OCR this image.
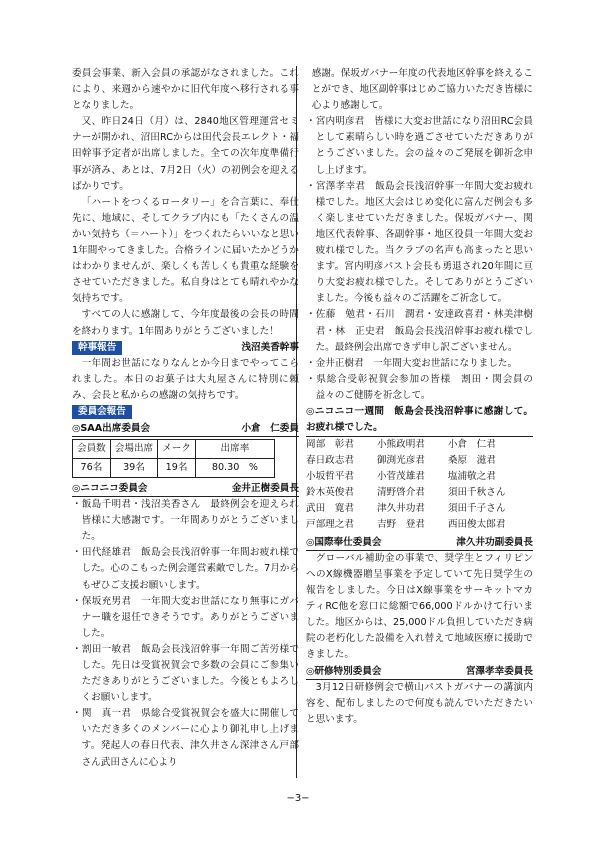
委員会事業、新入会員の承認がなされました。これにより、来週から速やかに旧代年度へ移行される事となりました。

又、昨日24日（月）は、2840地区管理運営セミナーが開かれ、沼田RCからは田代会長エレクト・福田幹事予定者が出席しました。全ての次年度準備行事が済み、あとは、7月2日（火）の初例会を迎えるばかりです。

「ハートをつくるロータリー」を合言葉に、奉仕先に、地域に、そしてクラブ内にも「たくさんの温かい気持ち（＝ハート）」をつくれたらいいなと思い1年間やってきました。合格ラインに届いたかどうかはわかりませんが、楽しくも苦しくも貴重な経験をさせていただきました。私自身はとても晴れやかな気持ちです。

すべての人に感謝して、今年度最後の会長の時間を終わります。1年間ありがとうございました！

幹事報告	浅沼美香幹事

一年間お世話になりなんとか今日までやってこられました。本日のお菓子は大丸屋さんに特別に頼み、会長と私からの感謝の気持ちです。

委員会報告
◎SAA出席委員会	小倉　仁委員
会員数	会場出席	メーク	出席率
76名	39名	19名	80.30　%
◎ニコニコ委員会	金井正樹委員長

・飯島千明君・浅沼美香さん　最終例会を迎えられ皆様に大感謝です。一年間ありがとうございました。

・田代経雄君　飯島会長浅沼幹事一年間お疲れ様でした。心のこもった例会運営素敵でした。7月からもぜひご支援お願いします。

・保坂充男君　一年間大変お世話になり無事にガバナー職を退任できそうです。ありがとうございました。

・割田一敏君　飯島会長浅沼幹事一年間ご苦労様でした。先日は受賞祝賀会で多数の会員にご参集いただきありがとうございました。今後ともよろしくお願いします。

・関　真一君　県総合受賞祝賀会を盛大に開催していただき多くのメンバーに心より御礼申し上げます。発起人の春日代表、津久井さん深津さん戸部さん武田さんに心より

感謝。保坂ガバナー年度の代表地区幹事を終えることができ、地区副幹事はじめご協力いただき皆様に心より感謝して。

・宮内明彦君　皆様に大変お世話になり沼田RC会員として素晴らしい時を過ごさせていただきありがとうございました。会の益々のご発展を御祈念申し上げます。

・宮澤孝幸君　飯島会長浅沼幹事一年間大変お疲れ様でした。地区大会はじめ変化に富んだ例会も多く楽しませていただきました。保坂ガバナー、関地区代表幹事、各副幹事・地区役員一年間大変お疲れ様でした。当クラブの名声も高まったと思います。宮内明彦パスト会長も勇退され20年間に亘り大変お疲れ様でした。そしてありがとうございました。今後も益々のご活躍をご祈念して。

・佐藤　勉君・石川　潤君・安達政喜君・林美津樹君・林　正史君　飯島会長浅沼幹事お疲れ様でした。最終例会出席できず申し訳ございません。

・金井正樹君　一年間大変お世話になりました。

・県総合受彰祝賀会参加の皆様　割田・関会員の益々のご健勝を祈念して。

◎ニコニコ一週間　飯島会長浅沼幹事に感謝して。お疲れ様でした。

岡部　彰君	小熊政明君	小倉　仁君
春日政志君	御渕光彦君	桑原　滋君
小坂哲平君	小菅茂雄君	塩浦敬之君
鈴木英俊君	清野啓介君	須田千秋さん
武田　寛君	津久井功君	須田千子さん
戸部理之君	吉野　登君	西田俊太郎君
◎国際奉仕委員会	津久井功副委員長

グローバル補助金の事業で、奨学生とフィリピンへのX線機器贈呈事業を予定していて先日奨学生の報告をしました。今日はX線事業をサーキットマカティRC他を窓口に総額で66,000ドルかけて行いました。地区からは、25,000ドル負担していただき病院の老朽化した設備を入れ替えて地域医療に援助できました。

◎研修特別委員会	宮澤孝幸委員長

3月12日研修例会で横山パストガバナーの講演内容を、配布しましたので何度も読んでいただきたいと思います。

−3−
